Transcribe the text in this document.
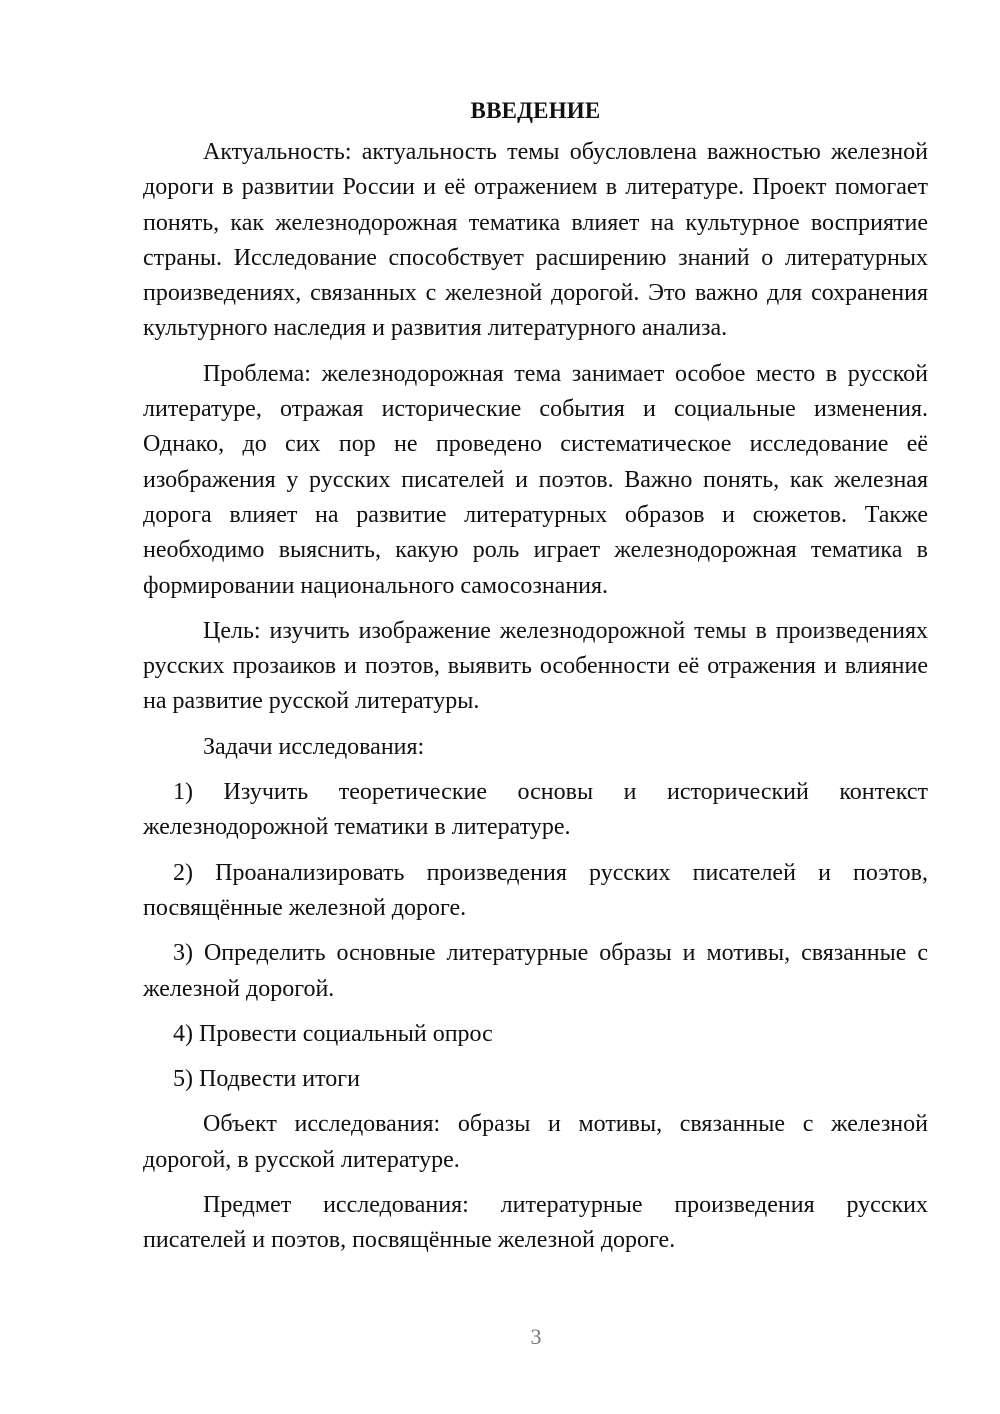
ВВЕДЕНИЕ

Актуальность: актуальность темы обусловлена важностью железной дороги в развитии России и её отражением в литературе. Проект помогает понять, как железнодорожная тематика влияет на культурное восприятие страны. Исследование способствует расширению знаний о литературных произведениях, связанных с железной дорогой. Это важно для сохранения культурного наследия и развития литературного анализа.

Проблема: железнодорожная тема занимает особое место в русской литературе, отражая исторические события и социальные изменения. Однако, до сих пор не проведено систематическое исследование её изображения у русских писателей и поэтов. Важно понять, как железная дорога влияет на развитие литературных образов и сюжетов. Также необходимо выяснить, какую роль играет железнодорожная тематика в формировании национального самосознания.

Цель: изучить изображение железнодорожной темы в произведениях русских прозаиков и поэтов, выявить особенности её отражения и влияние на развитие русской литературы.

Задачи исследования:

1) Изучить теоретические основы и исторический контекст железнодорожной тематики в литературе.

2) Проанализировать произведения русских писателей и поэтов, посвящённые железной дороге.

3) Определить основные литературные образы и мотивы, связанные с железной дорогой.

4) Провести социальный опрос

5) Подвести итоги

Объект исследования: образы и мотивы, связанные с железной дорогой, в русской литературе.

Предмет исследования: литературные произведения русских писателей и поэтов, посвящённые железной дороге.

3
